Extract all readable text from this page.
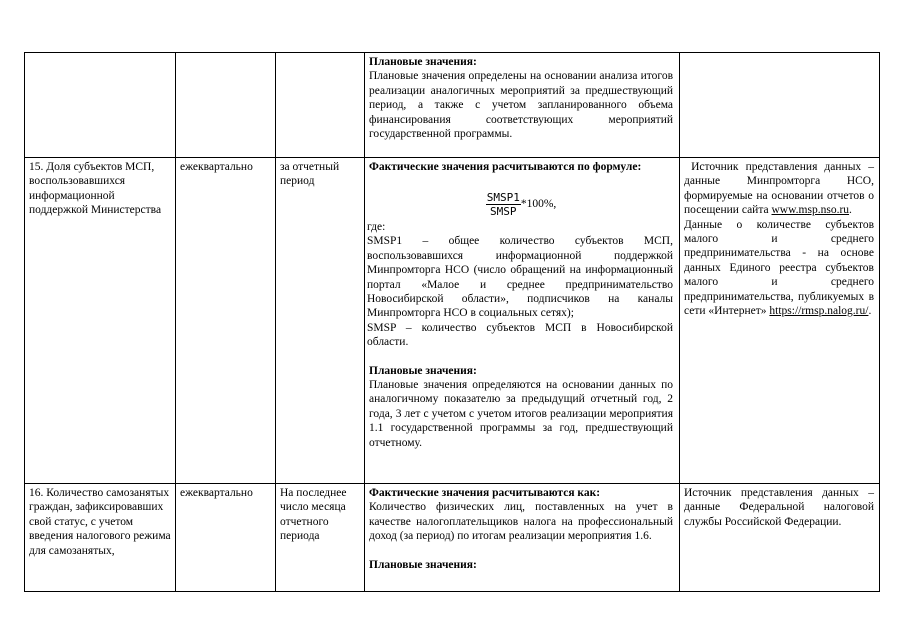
Плановые значения:

Плановые значения определены на основании анализа итогов реализации аналогичных мероприятий за предшествующий период, а также с учетом запланированного объема финансирования соответствующих мероприятий государственной программы.

15. Доля субъектов МСП, воспользовавшихся информационной поддержкой Министерства

ежеквартально	за отчетный период

Фактические значения расчитываются по формуле:

$\frac{\text{SMSP1}}{\text{SMSP}} *100\%$,

где:

SMSP1 – общее количество субъектов МСП, воспользовавшихся информационной поддержкой Минпромторга НСО (число обращений на информационный портал «Малое и среднее предпринимательство Новосибирской области», подписчиков на каналы Минпромторга НСО в социальных сетях);

SMSP – количество субъектов МСП в Новосибирской области.

Плановые значения:

Плановые значения определяются на основании данных по аналогичному показателю за предыдущий отчетный год, 2 года, 3 лет с учетом с учетом итогов реализации мероприятия 1.1 государственной программы за год, предшествующий отчетному.

Источник представления данных – данные Минпромторга НСО, формируемые на основании отчетов о посещении сайта www.msp.nso.ru.

Данные о количестве субъектов малого и среднего предпринимательства - на основе данных Единого реестра субъектов малого и среднего предпринимательства, публикуемых в сети «Интернет» https://rmsp.nalog.ru/.

16. Количество самозанятых граждан, зафиксировавших свой статус, с учетом введения налогового режима для самозанятых,

ежеквартально	На последнее число месяца отчетного периода

Фактические значения расчитываются как:

Количество физических лиц, поставленных на учет в качестве налогоплательщиков налога на профессиональный доход (за период) по итогам реализации мероприятия 1.6.

Плановые значения:

Источник представления данных – данные Федеральной налоговой службы Российской Федерации.
